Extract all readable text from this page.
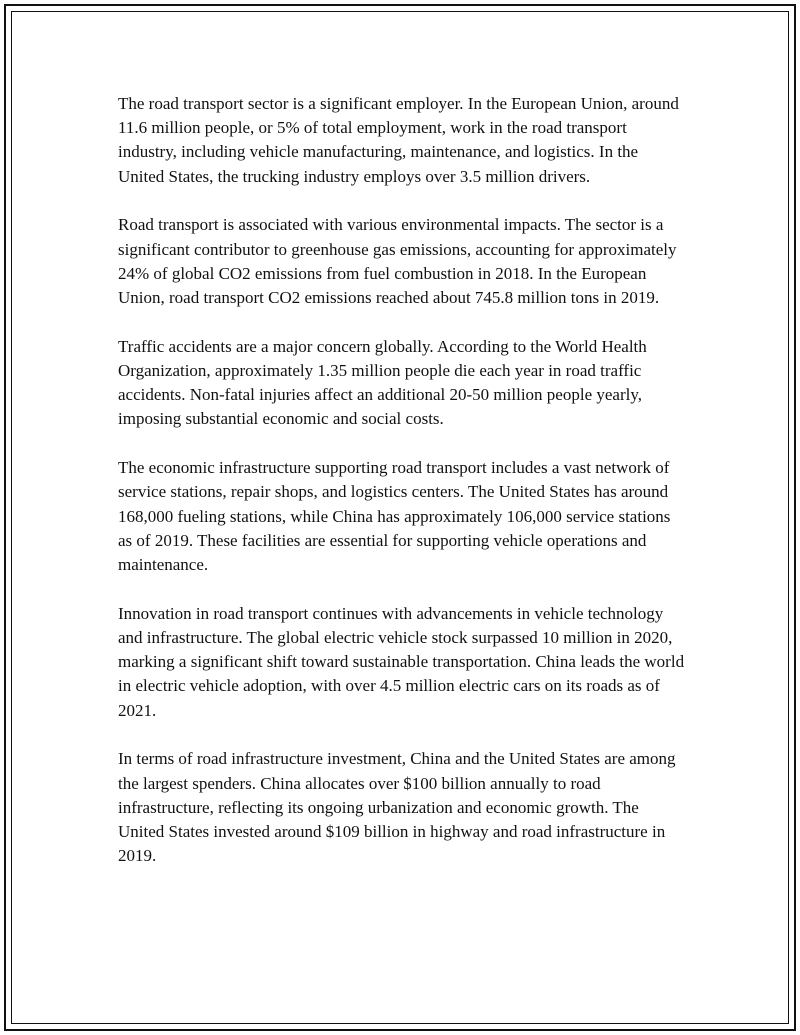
The road transport sector is a significant employer. In the European Union, around 11.6 million people, or 5% of total employment, work in the road transport industry, including vehicle manufacturing, maintenance, and logistics. In the United States, the trucking industry employs over 3.5 million drivers.

Road transport is associated with various environmental impacts. The sector is a significant contributor to greenhouse gas emissions, accounting for approximately 24% of global CO2 emissions from fuel combustion in 2018. In the European Union, road transport CO2 emissions reached about 745.8 million tons in 2019.

Traffic accidents are a major concern globally. According to the World Health Organization, approximately 1.35 million people die each year in road traffic accidents. Non-fatal injuries affect an additional 20-50 million people yearly, imposing substantial economic and social costs.

The economic infrastructure supporting road transport includes a vast network of service stations, repair shops, and logistics centers. The United States has around 168,000 fueling stations, while China has approximately 106,000 service stations as of 2019. These facilities are essential for supporting vehicle operations and maintenance.

Innovation in road transport continues with advancements in vehicle technology and infrastructure. The global electric vehicle stock surpassed 10 million in 2020, marking a significant shift toward sustainable transportation. China leads the world in electric vehicle adoption, with over 4.5 million electric cars on its roads as of 2021.

In terms of road infrastructure investment, China and the United States are among the largest spenders. China allocates over $100 billion annually to road infrastructure, reflecting its ongoing urbanization and economic growth. The United States invested around $109 billion in highway and road infrastructure in 2019.
